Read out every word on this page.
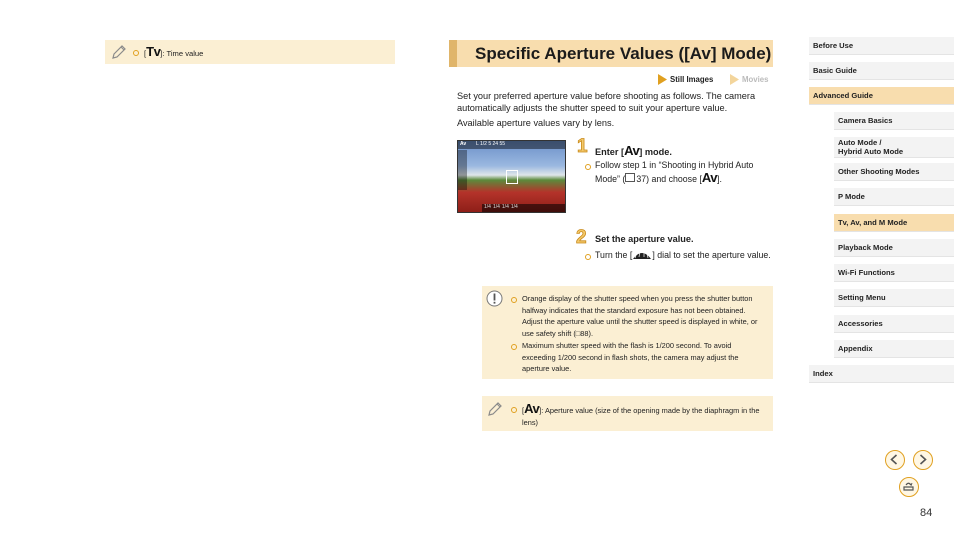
[Tv]: Time value	Specific Aperture Values ([Av] Mode)
Still Images	Movies
Set your preferred aperture value before shooting as follows. The camera automatically adjusts the shutter speed to suit your aperture value.
Available aperture values vary by lens.
Av L 1/2 5 24 55
1/4 1/4 1/4 1/4
1 Enter [Av] mode.
Follow step 1 in “Shooting in Hybrid Auto Mode” ( 37) and choose [Av].
2 Set the aperture value.
Turn the [ ] dial to set the aperture value.
Orange display of the shutter speed when you press the shutter button halfway indicates that the standard exposure has not been obtained. Adjust the aperture value until the shutter speed is displayed in white, or use safety shift (□88).
Maximum shutter speed with the flash is 1/200 second. To avoid exceeding 1/200 second in flash shots, the camera may adjust the aperture value.
[Av]: Aperture value (size of the opening made by the diaphragm in the lens)
Before Use
Basic Guide
Advanced Guide
Camera Basics
Auto Mode /
Hybrid Auto Mode
Other Shooting Modes
P Mode
Tv, Av, and M Mode
Playback Mode
Wi-Fi Functions
Setting Menu
Accessories
Appendix
Index
84
